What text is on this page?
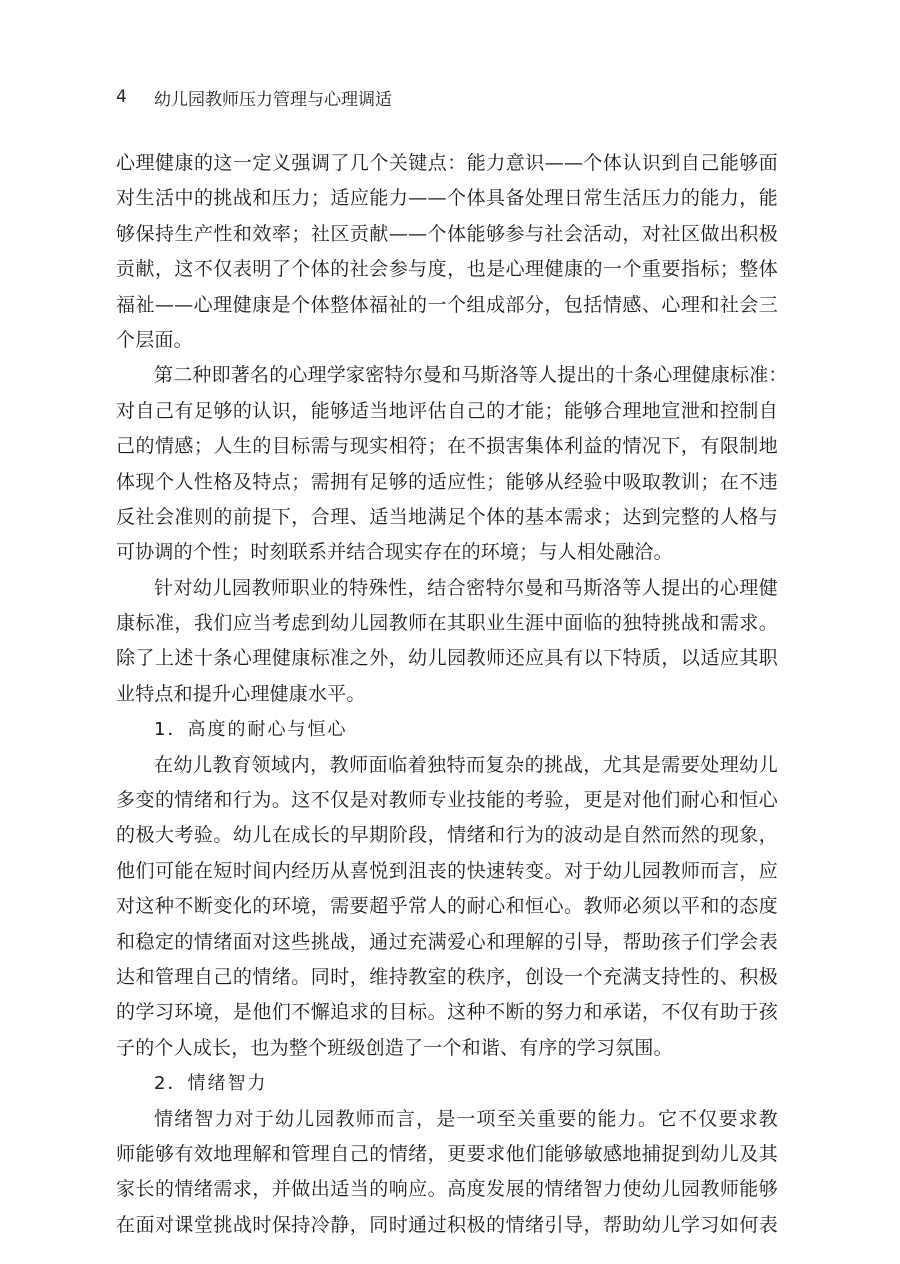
4	幼儿园教师压力管理与心理调适
心理健康的这一定义强调了几个关键点：能力意识——个体认识到自己能够面
对生活中的挑战和压力；适应能力——个体具备处理日常生活压力的能力，能
够保持生产性和效率；社区贡献——个体能够参与社会活动，对社区做出积极
贡献，这不仅表明了个体的社会参与度，也是心理健康的一个重要指标；整体
福祉——心理健康是个体整体福祉的一个组成部分，包括情感、心理和社会三
个层面。
第二种即著名的心理学家密特尔曼和马斯洛等人提出的十条心理健康标准：
对自己有足够的认识，能够适当地评估自己的才能；能够合理地宣泄和控制自
己的情感；人生的目标需与现实相符；在不损害集体利益的情况下，有限制地
体现个人性格及特点；需拥有足够的适应性；能够从经验中吸取教训；在不违
反社会准则的前提下，合理、适当地满足个体的基本需求；达到完整的人格与
可协调的个性；时刻联系并结合现实存在的环境；与人相处融洽。
针对幼儿园教师职业的特殊性，结合密特尔曼和马斯洛等人提出的心理健
康标准，我们应当考虑到幼儿园教师在其职业生涯中面临的独特挑战和需求。
除了上述十条心理健康标准之外，幼儿园教师还应具有以下特质，以适应其职
业特点和提升心理健康水平。
1．高度的耐心与恒心
在幼儿教育领域内，教师面临着独特而复杂的挑战，尤其是需要处理幼儿
多变的情绪和行为。这不仅是对教师专业技能的考验，更是对他们耐心和恒心
的极大考验。幼儿在成长的早期阶段，情绪和行为的波动是自然而然的现象，
他们可能在短时间内经历从喜悦到沮丧的快速转变。对于幼儿园教师而言，应
对这种不断变化的环境，需要超乎常人的耐心和恒心。教师必须以平和的态度
和稳定的情绪面对这些挑战，通过充满爱心和理解的引导，帮助孩子们学会表
达和管理自己的情绪。同时，维持教室的秩序，创设一个充满支持性的、积极
的学习环境，是他们不懈追求的目标。这种不断的努力和承诺，不仅有助于孩
子的个人成长，也为整个班级创造了一个和谐、有序的学习氛围。
2．情绪智力
情绪智力对于幼儿园教师而言，是一项至关重要的能力。它不仅要求教
师能够有效地理解和管理自己的情绪，更要求他们能够敏感地捕捉到幼儿及其
家长的情绪需求，并做出适当的响应。高度发展的情绪智力使幼儿园教师能够
在面对课堂挑战时保持冷静，同时通过积极的情绪引导，帮助幼儿学习如何表
